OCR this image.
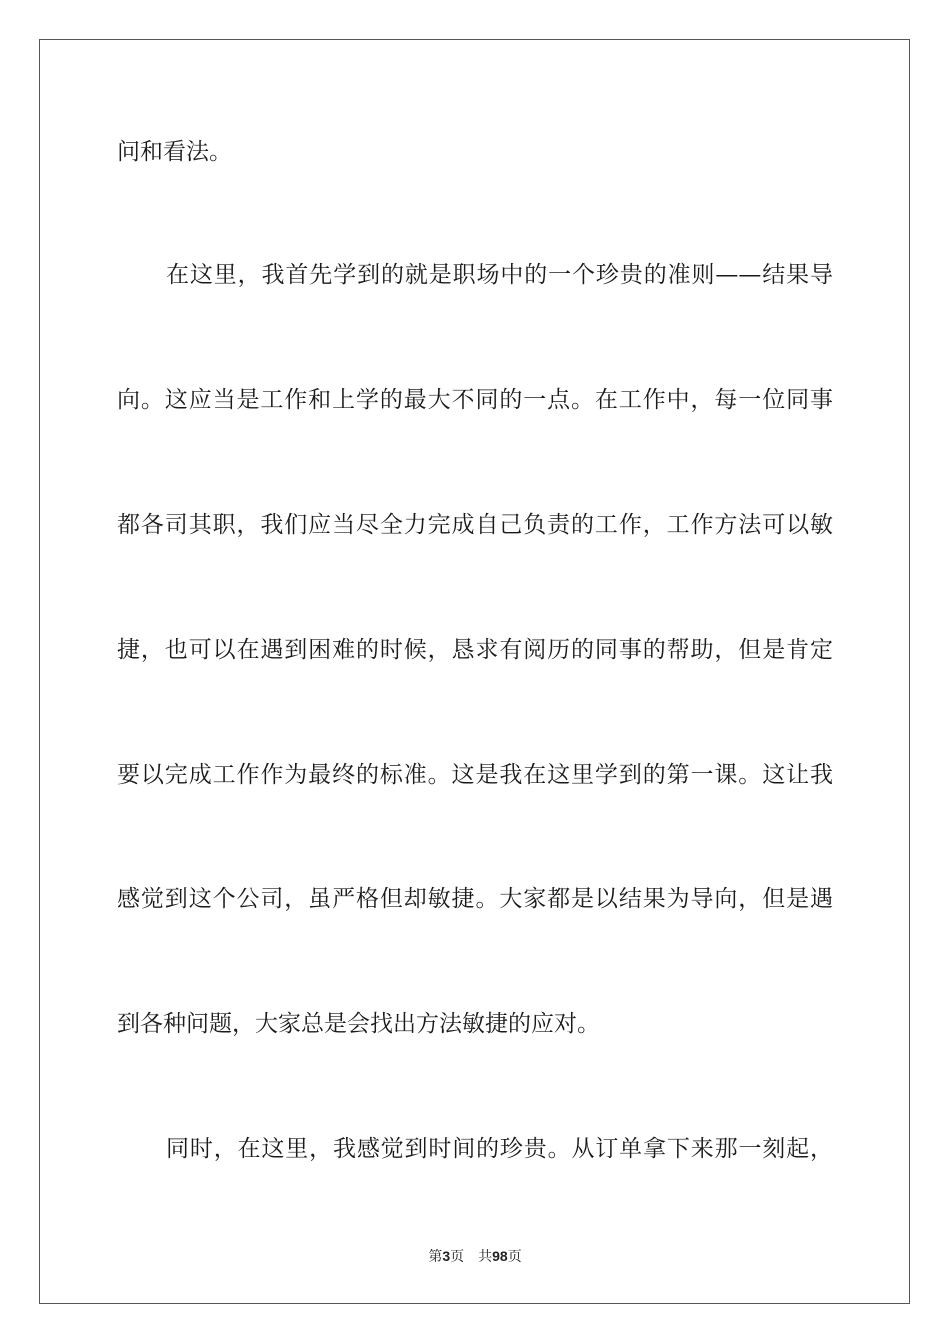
问和看法。
在这里，我首先学到的就是职场中的一个珍贵的准则——结果导
向。这应当是工作和上学的最大不同的一点。在工作中，每一位同事
都各司其职，我们应当尽全力完成自己负责的工作，工作方法可以敏
捷，也可以在遇到困难的时候，恳求有阅历的同事的帮助，但是肯定
要以完成工作作为最终的标准。这是我在这里学到的第一课。这让我
感觉到这个公司，虽严格但却敏捷。大家都是以结果为导向，但是遇
到各种问题，大家总是会找出方法敏捷的应对。
同时，在这里，我感觉到时间的珍贵。从订单拿下来那一刻起，
第3页 共98页
